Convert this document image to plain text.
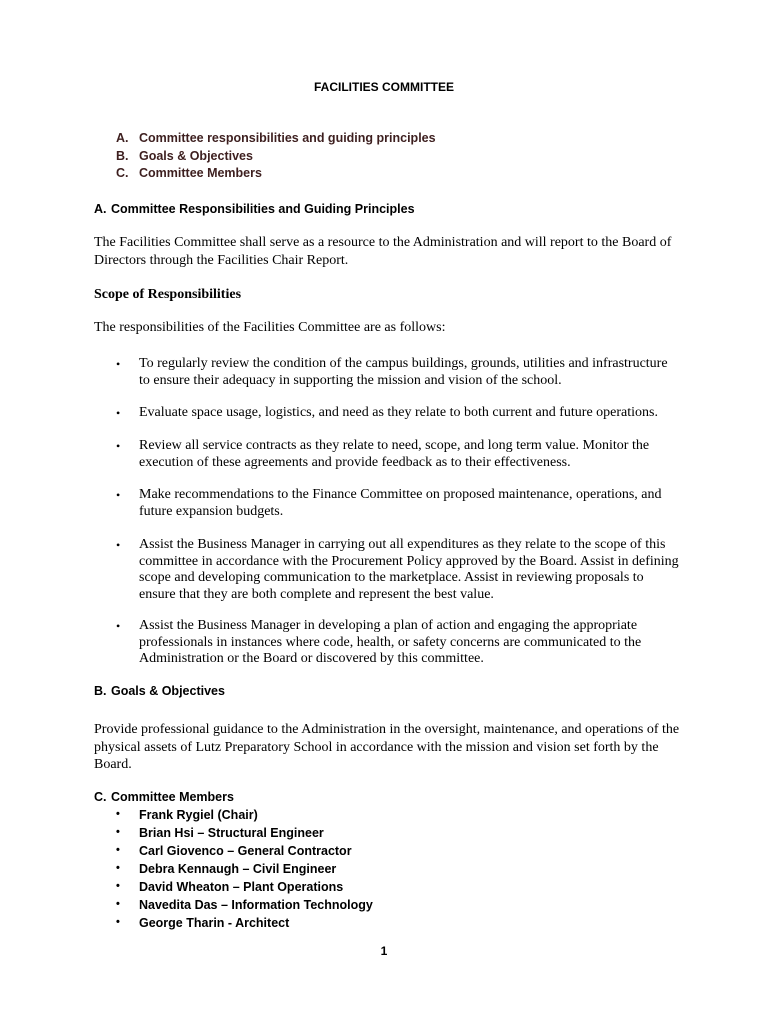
FACILITIES COMMITTEE
A. Committee responsibilities and guiding principles
B. Goals & Objectives
C. Committee Members
A. Committee Responsibilities and Guiding Principles

The Facilities Committee shall serve as a resource to the Administration and will report to the Board of Directors through the Facilities Chair Report.

Scope of Responsibilities
The responsibilities of the Facilities Committee are as follows:
• To regularly review the condition of the campus buildings, grounds, utilities and infrastructure to ensure their adequacy in supporting the mission and vision of the school.
• Evaluate space usage, logistics, and need as they relate to both current and future operations.
• Review all service contracts as they relate to need, scope, and long term value. Monitor the execution of these agreements and provide feedback as to their effectiveness.
• Make recommendations to the Finance Committee on proposed maintenance, operations, and future expansion budgets.
• Assist the Business Manager in carrying out all expenditures as they relate to the scope of this committee in accordance with the Procurement Policy approved by the Board. Assist in defining scope and developing communication to the marketplace. Assist in reviewing proposals to ensure that they are both complete and represent the best value.
• Assist the Business Manager in developing a plan of action and engaging the appropriate professionals in instances where code, health, or safety concerns are communicated to the Administration or the Board or discovered by this committee.
B. Goals & Objectives

Provide professional guidance to the Administration in the oversight, maintenance, and operations of the physical assets of Lutz Preparatory School in accordance with the mission and vision set forth by the Board.

C. Committee Members
• Frank Rygiel (Chair)
• Brian Hsi – Structural Engineer
• Carl Giovenco – General Contractor
• Debra Kennaugh – Civil Engineer
• David Wheaton – Plant Operations
• Navedita Das – Information Technology
• George Tharin - Architect
1
